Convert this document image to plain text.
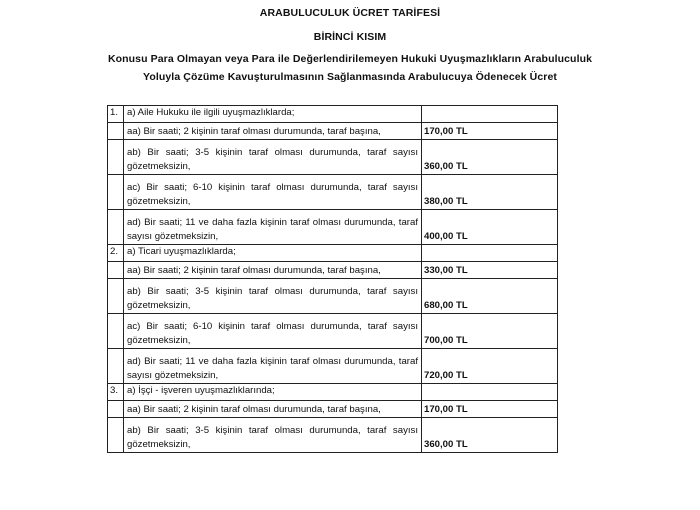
ARABULUCULUK ÜCRET TARİFESİ
BİRİNCİ KISIM
Konusu Para Olmayan veya Para ile Değerlendirilemeyen Hukuki Uyuşmazlıkların Arabuluculuk
Yoluyla Çözüme Kavuşturulmasının Sağlanmasında Arabulucuya Ödenecek Ücret
1.	a) Aile Hukuku ile ilgili uyuşmazlıklarda;	
	aa) Bir saati; 2 kişinin taraf olması durumunda, taraf başına,	170,00 TL
	ab) Bir saati; 3-5 kişinin taraf olması durumunda, taraf sayısı gözetmeksizin,	360,00 TL
	ac) Bir saati; 6-10 kişinin taraf olması durumunda, taraf sayısı gözetmeksizin,	380,00 TL
	ad) Bir saati; 11 ve daha fazla kişinin taraf olması durumunda, taraf sayısı gözetmeksizin,	400,00 TL
2.	a) Ticari uyuşmazlıklarda;	
	aa) Bir saati; 2 kişinin taraf olması durumunda, taraf başına,	330,00 TL
	ab) Bir saati; 3-5 kişinin taraf olması durumunda, taraf sayısı gözetmeksizin,	680,00 TL
	ac) Bir saati; 6-10 kişinin taraf olması durumunda, taraf sayısı gözetmeksizin,	700,00 TL
	ad) Bir saati; 11 ve daha fazla kişinin taraf olması durumunda, taraf sayısı gözetmeksizin,	720,00 TL
3.	a) İşçi - işveren uyuşmazlıklarında;	
	aa) Bir saati; 2 kişinin taraf olması durumunda, taraf başına,	170,00 TL
	ab) Bir saati; 3-5 kişinin taraf olması durumunda, taraf sayısı gözetmeksizin,	360,00 TL
